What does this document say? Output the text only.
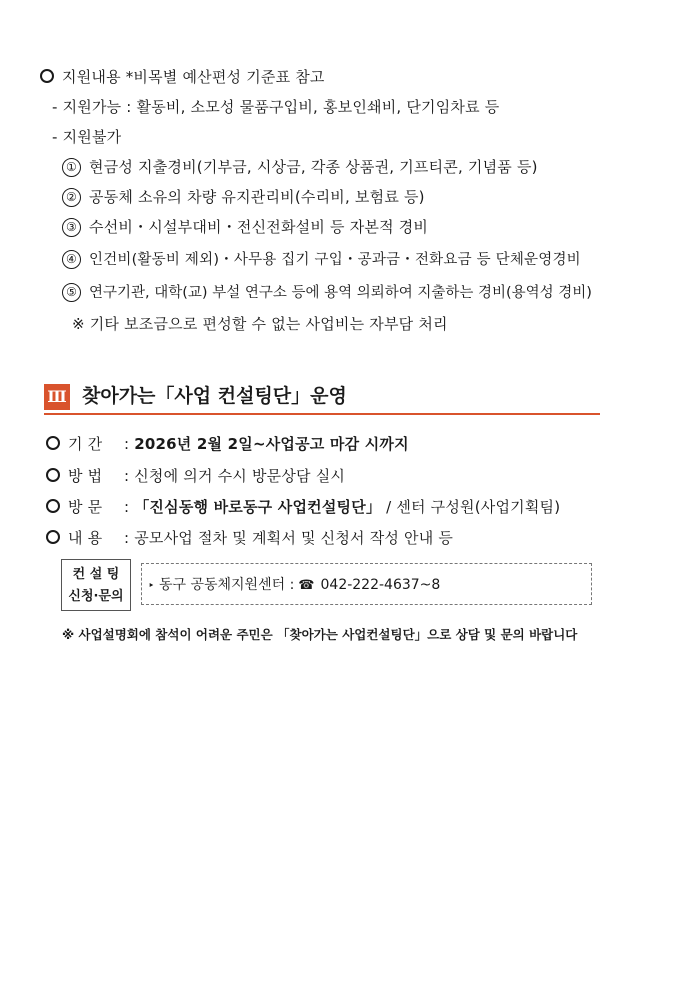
지원내용 *비목별 예산편성 기준표 참고
- 지원가능 : 활동비, 소모성 물품구입비, 홍보인쇄비, 단기임차료 등
- 지원불가
① 현금성 지출경비(기부금, 시상금, 각종 상품권, 기프티콘, 기념품 등)
② 공동체 소유의 차량 유지관리비(수리비, 보험료 등)
③ 수선비・시설부대비・전신전화설비 등 자본적 경비
④ 인건비(활동비 제외)・사무용 집기 구입・공과금・전화요금 등 단체운영경비
⑤ 연구기관, 대학(교) 부설 연구소 등에 용역 의뢰하여 지출하는 경비(용역성 경비)
※ 기타 보조금으로 편성할 수 없는 사업비는 자부담 처리
Ⅲ 찾아가는「사업 컨설팅단」운영
기 간 : 2026년 2월 2일~사업공고 마감 시까지
방 법 : 신청에 의거 수시 방문상담 실시
방 문 : 「진심동행 바로동구 사업컨설팅단」 / 센터 구성원(사업기획팀)
내 용 : 공모사업 절차 및 계획서 및 신청서 작성 안내 등
컨 설 팅
신청·문의
‣ 동구 공동체지원센터 : ☎ 042-222-4637~8
※ 사업설명회에 참석이 어려운 주민은 「찾아가는 사업컨설팅단」으로 상담 및 문의 바랍니다
